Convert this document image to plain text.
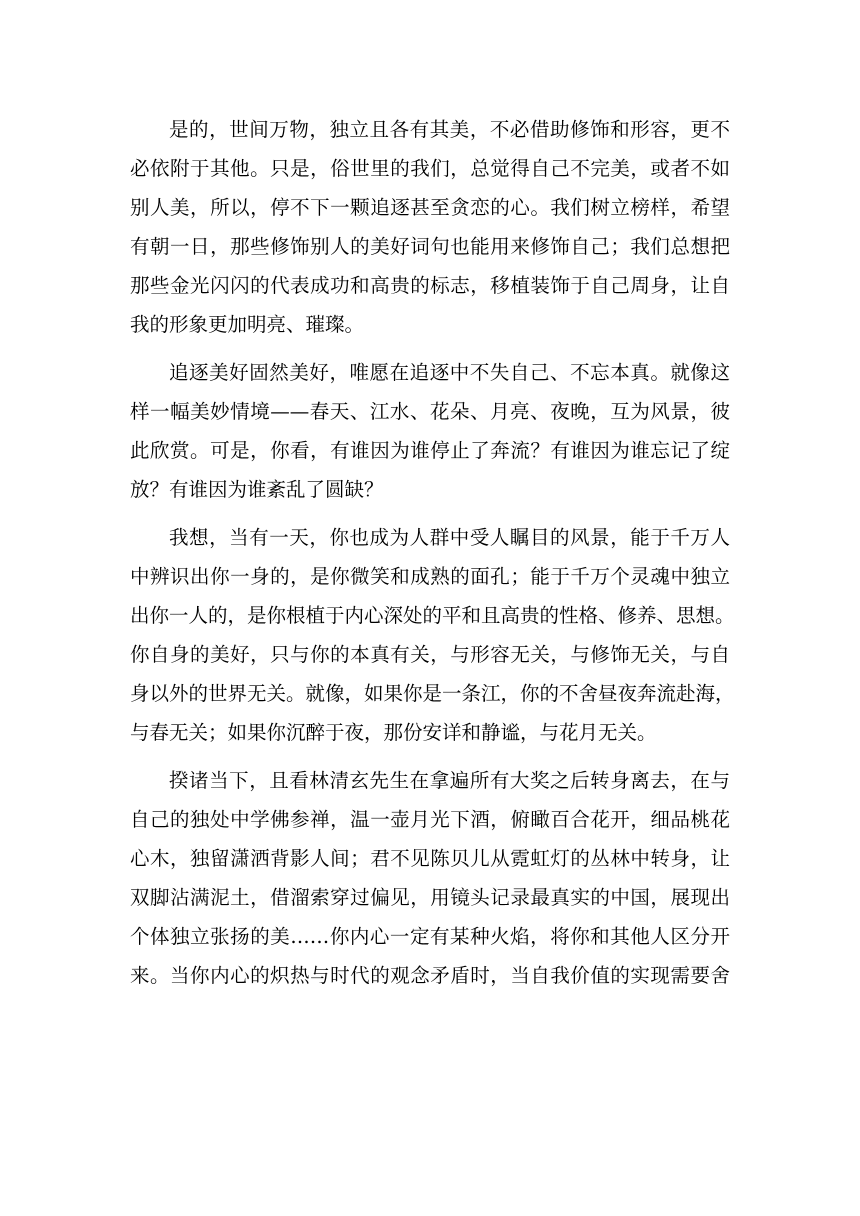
是的，世间万物，独立且各有其美，不必借助修饰和形容，更不
必依附于其他。只是，俗世里的我们，总觉得自己不完美，或者不如
别人美，所以，停不下一颗追逐甚至贪恋的心。我们树立榜样，希望
有朝一日，那些修饰别人的美好词句也能用来修饰自己；我们总想把
那些金光闪闪的代表成功和高贵的标志，移植装饰于自己周身，让自
我的形象更加明亮、璀璨。
追逐美好固然美好，唯愿在追逐中不失自己、不忘本真。就像这
样一幅美妙情境——春天、江水、花朵、月亮、夜晚，互为风景，彼
此欣赏。可是，你看，有谁因为谁停止了奔流？有谁因为谁忘记了绽
放？有谁因为谁紊乱了圆缺？
我想，当有一天，你也成为人群中受人瞩目的风景，能于千万人
中辨识出你一身的，是你微笑和成熟的面孔；能于千万个灵魂中独立
出你一人的，是你根植于内心深处的平和且高贵的性格、修养、思想。
你自身的美好，只与你的本真有关，与形容无关，与修饰无关，与自
身以外的世界无关。就像，如果你是一条江，你的不舍昼夜奔流赴海，
与春无关；如果你沉醉于夜，那份安详和静谧，与花月无关。
揆诸当下，且看林清玄先生在拿遍所有大奖之后转身离去，在与
自己的独处中学佛参禅，温一壶月光下酒，俯瞰百合花开，细品桃花
心木，独留潇洒背影人间；君不见陈贝儿从霓虹灯的丛林中转身，让
双脚沾满泥土，借溜索穿过偏见，用镜头记录最真实的中国，展现出
个体独立张扬的美……你内心一定有某种火焰，将你和其他人区分开
来。当你内心的炽热与时代的观念矛盾时，当自我价值的实现需要舍
